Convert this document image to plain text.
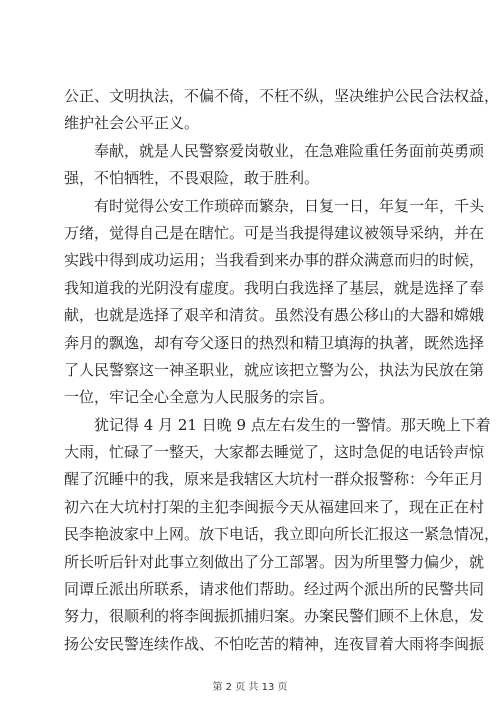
公正、文明执法，不偏不倚，不枉不纵，坚决维护公民合法权益，
维护社会公平正义。
　　奉献，就是人民警察爱岗敬业，在急难险重任务面前英勇顽
强，不怕牺牲，不畏艰险，敢于胜利。
　　有时觉得公安工作琐碎而繁杂，日复一日，年复一年，千头
万绪，觉得自己是在瞎忙。可是当我提得建议被领导采纳，并在
实践中得到成功运用；当我看到来办事的群众满意而归的时候，
我知道我的光阴没有虚度。我明白我选择了基层，就是选择了奉
献，也就是选择了艰辛和清贫。虽然没有愚公移山的大器和嫦娥
奔月的飘逸，却有夸父逐日的热烈和精卫填海的执著，既然选择
了人民警察这一神圣职业，就应该把立警为公，执法为民放在第
一位，牢记全心全意为人民服务的宗旨。
　　犹记得 4 月 21 日晚 9 点左右发生的一警情。那天晚上下着
大雨，忙碌了一整天，大家都去睡觉了，这时急促的电话铃声惊
醒了沉睡中的我，原来是我辖区大坑村一群众报警称：今年正月
初六在大坑村打架的主犯李闽振今天从福建回来了，现在正在村
民李艳波家中上网。放下电话，我立即向所长汇报这一紧急情况，
所长听后针对此事立刻做出了分工部署。因为所里警力偏少，就
同谭丘派出所联系，请求他们帮助。经过两个派出所的民警共同
努力，很顺利的将李闽振抓捕归案。办案民警们顾不上休息，发
扬公安民警连续作战、不怕吃苦的精神，连夜冒着大雨将李闽振
第 2 页 共 13 页
